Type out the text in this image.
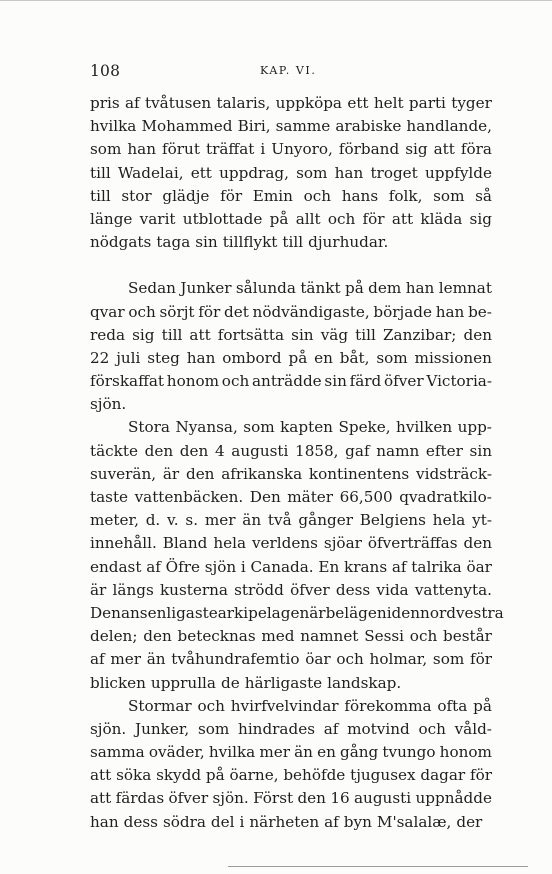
108	KAP. VI.
pris af tvåtusen talaris, uppköpa ett helt parti tyger
hvilka Mohammed Biri, samme arabiske handlande,
som han förut träffat i Unyoro, förband sig att föra
till Wadelai, ett uppdrag, som han troget uppfylde
till stor glädje för Emin och hans folk, som så
länge varit utblottade på allt och för att kläda sig
nödgats taga sin tillflykt till djurhudar.
Sedan Junker sålunda tänkt på dem han lemnat
qvar och sörjt för det nödvändigaste, började han be-
reda sig till att fortsätta sin väg till Zanzibar; den
22 juli steg han ombord på en båt, som missionen
förskaffat honom och anträdde sin färd öfver Victoria-
sjön.
Stora Nyansa, som kapten Speke, hvilken upp-
täckte den den 4 augusti 1858, gaf namn efter sin
suverän, är den afrikanska kontinentens vidsträck-
taste vattenbäcken. Den mäter 66,500 qvadratkilo-
meter, d. v. s. mer än två gånger Belgiens hela yt-
innehåll. Bland hela verldens sjöar öfverträffas den
endast af Öfre sjön i Canada. En krans af talrika öar
är längs kusterna strödd öfver dess vida vattenyta.
Den ansenligaste arkipelagen är belägen i den nordvestra
delen; den betecknas med namnet Sessi och består
af mer än tvåhundrafemtio öar och holmar, som för
blicken upprulla de härligaste landskap.
Stormar och hvirfvelvindar förekomma ofta på
sjön. Junker, som hindrades af motvind och våld-
samma oväder, hvilka mer än en gång tvungo honom
att söka skydd på öarne, behöfde tjugusex dagar för
att färdas öfver sjön. Först den 16 augusti uppnådde
han dess södra del i närheten af byn M'salalæ, der
